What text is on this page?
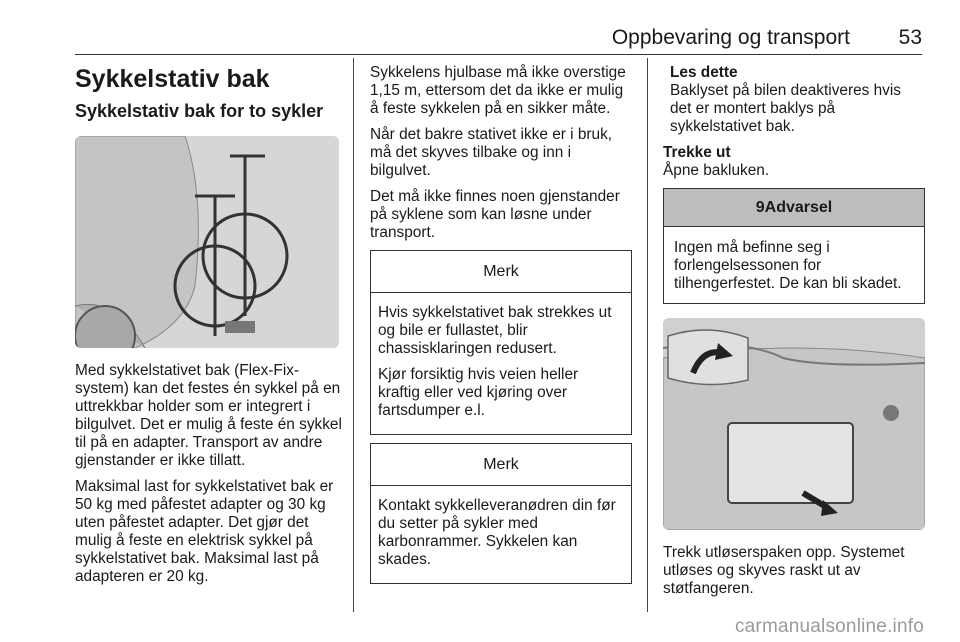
Oppbevaring og transport 53
Sykkelstativ bak
Sykkelstativ bak for to sykler

Med sykkelstativet bak (Flex-Fix-system) kan det festes én sykkel på en uttrekkbar holder som er integrert i bilgulvet. Det er mulig å feste én sykkel til på en adapter. Transport av andre gjenstander er ikke tillatt.

Maksimal last for sykkelstativet bak er 50 kg med påfestet adapter og 30 kg uten påfestet adapter. Det gjør det mulig å feste en elektrisk sykkel på sykkelstativet bak. Maksimal last på adapteren er 20 kg.

Sykkelens hjulbase må ikke overstige 1,15 m, ettersom det da ikke er mulig å feste sykkelen på en sikker måte.

Når det bakre stativet ikke er i bruk, må det skyves tilbake og inn i bilgulvet.

Det må ikke finnes noen gjenstander på syklene som kan løsne under transport.

Merk

Hvis sykkelstativet bak strekkes ut og bile er fullastet, blir chassisklaringen redusert.

Kjør forsiktig hvis veien heller kraftig eller ved kjøring over fartsdumper e.l.

Merk

Kontakt sykkelleveranødren din før du setter på sykler med karbonrammer. Sykkelen kan skades.

Les dette

Baklyset på bilen deaktiveres hvis det er montert baklys på sykkelstativet bak.

Trekke ut

Åpne bakluken.

9Advarsel
Ingen må befinne seg i forlengelsessonen for tilhengerfestet. De kan bli skadet.

Trekk utløserspaken opp. Systemet utløses og skyves raskt ut av støtfangeren.

carmanualsonline.info
